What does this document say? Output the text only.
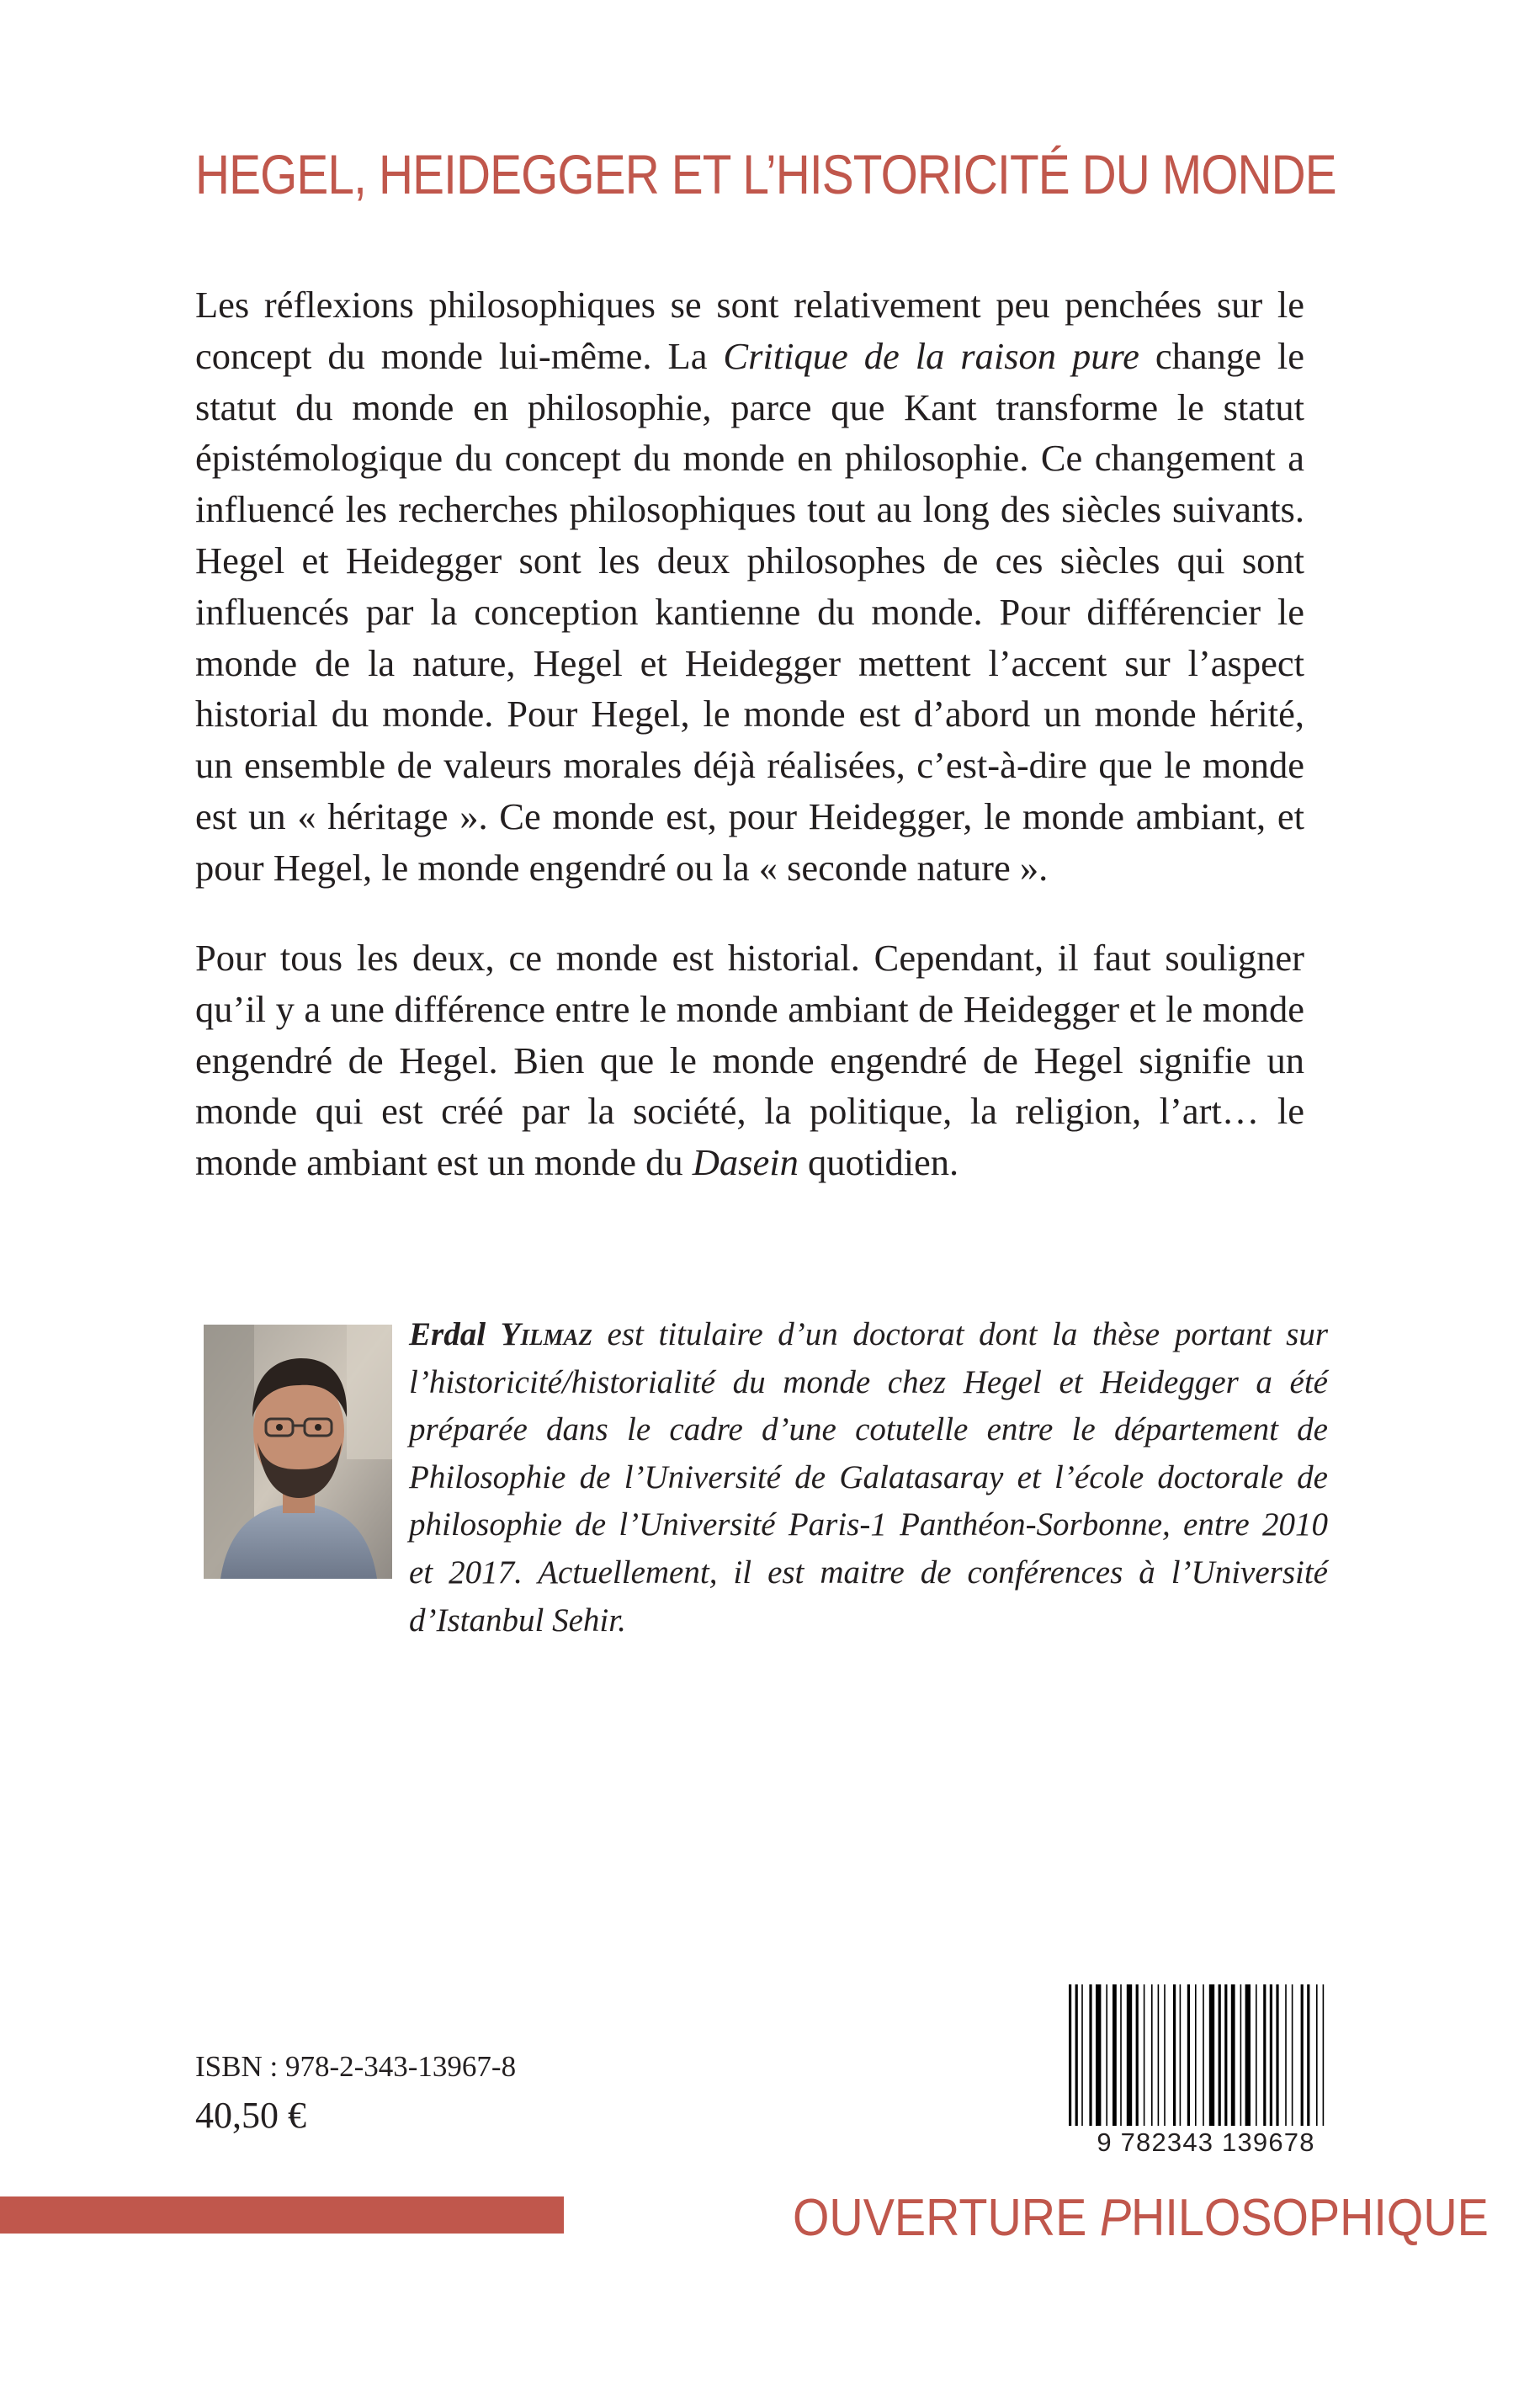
HEGEL, HEIDEGGER ET L’HISTORICITÉ DU MONDE

Les réflexions philosophiques se sont relativement peu penchées sur le concept du monde lui-même. La Critique de la raison pure change le statut du monde en philosophie, parce que Kant transforme le statut épistémologique du concept du monde en philosophie. Ce changement a influencé les recherches philosophiques tout au long des siècles suivants. Hegel et Heidegger sont les deux philosophes de ces siècles qui sont influencés par la conception kantienne du monde. Pour différencier le monde de la nature, Hegel et Heidegger mettent l’accent sur l’aspect historial du monde. Pour Hegel, le monde est d’abord un monde hérité, un ensemble de valeurs morales déjà réalisées, c’est-à-dire que le monde est un « héritage ». Ce monde est, pour Heidegger, le monde ambiant, et pour Hegel, le monde engendré ou la « seconde nature ».

Pour tous les deux, ce monde est historial. Cependant, il faut souligner qu’il y a une différence entre le monde ambiant de Heidegger et le monde engendré de Hegel. Bien que le monde engendré de Hegel signifie un monde qui est créé par la société, la politique, la religion, l’art… le monde ambiant est un monde du Dasein quotidien.

Erdal Yilmaz est titulaire d’un doctorat dont la thèse portant sur l’historicité/historialité du monde chez Hegel et Heidegger a été préparée dans le cadre d’une cotutelle entre le département de Philosophie de l’Université de Galatasaray et l’école doctorale de philosophie de l’Université Paris-1 Panthéon-Sorbonne, entre 2010 et 2017. Actuellement, il est maitre de conférences à l’Université d’Istanbul Sehir.

ISBN : 978-2-343-13967-8

40,50 €

9 782343 139678

OUVERTURE PHILOSOPHIQUE
